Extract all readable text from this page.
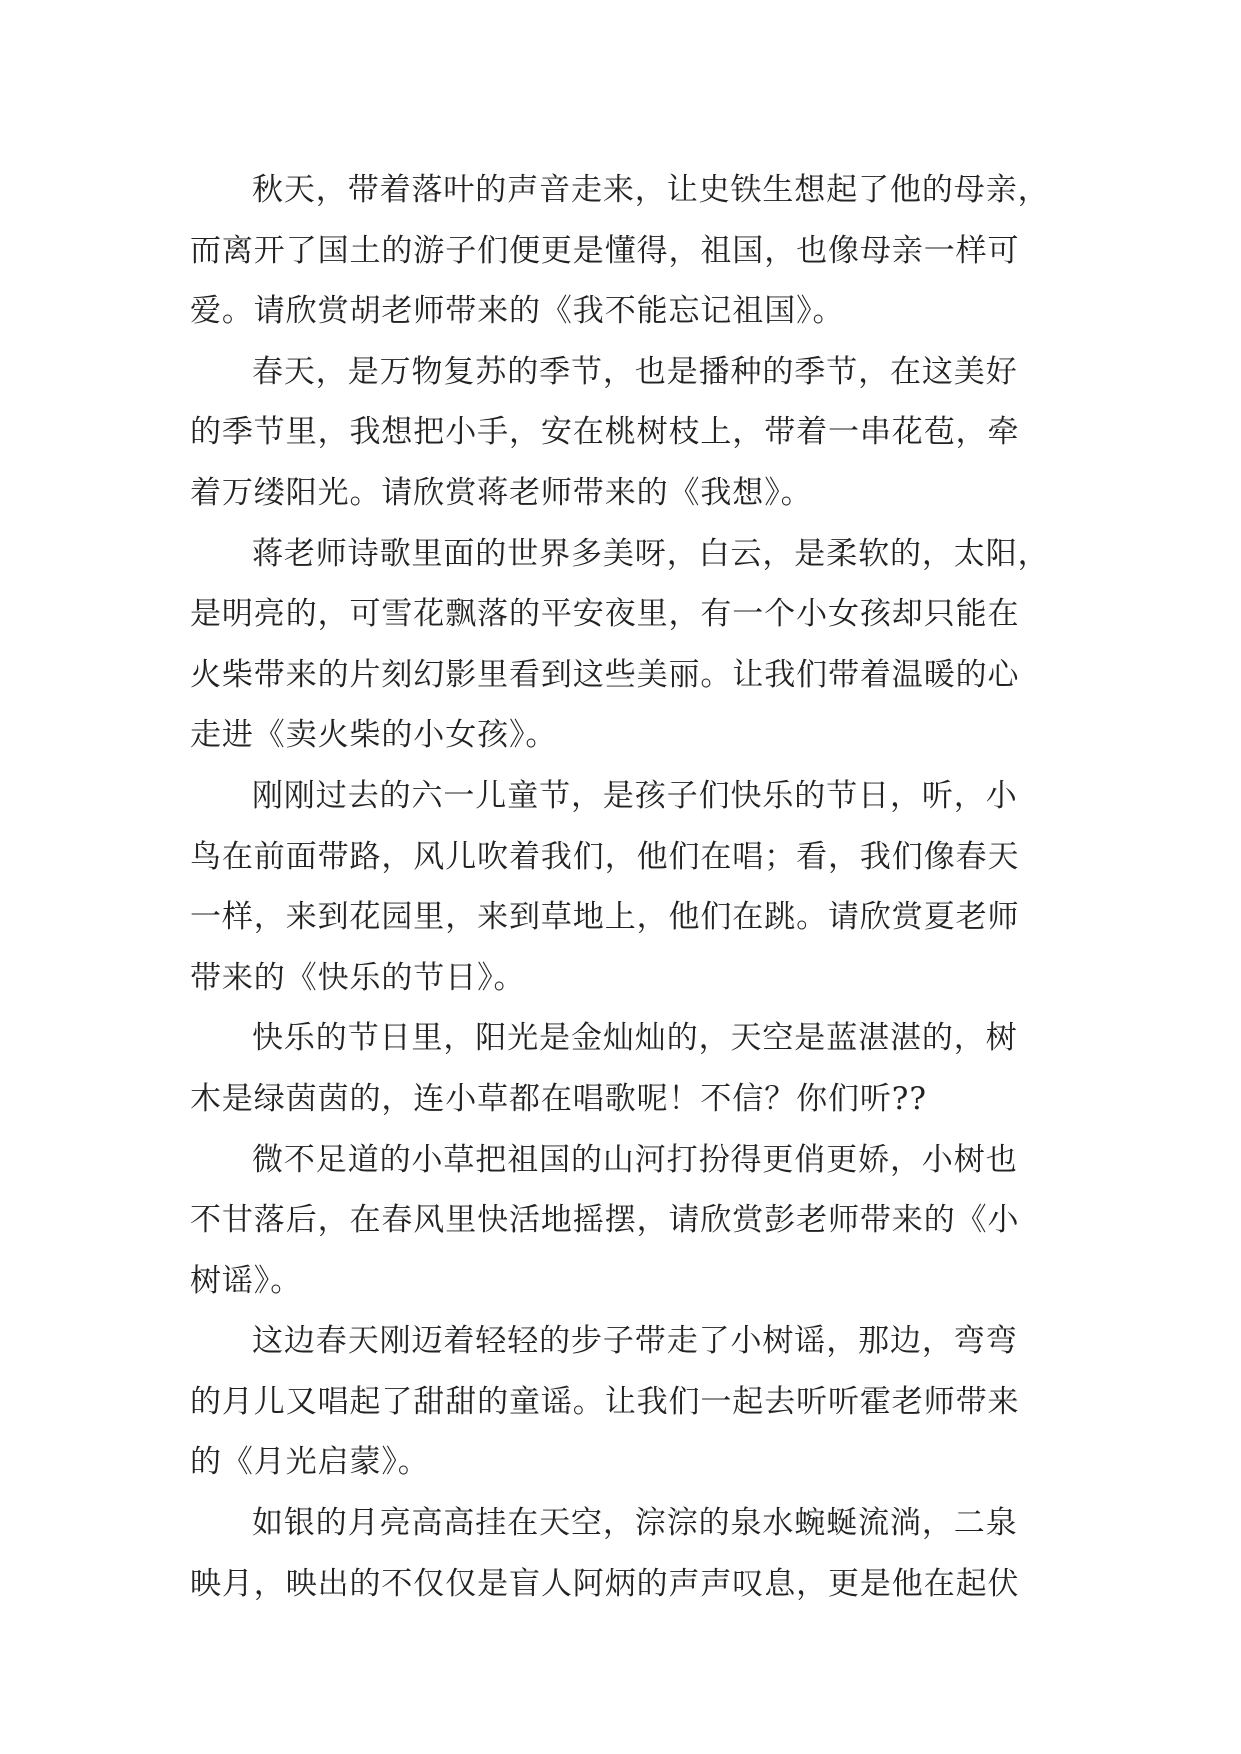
秋天，带着落叶的声音走来，让史铁生想起了他的母亲，
而离开了国土的游子们便更是懂得，祖国，也像母亲一样可
爱。请欣赏胡老师带来的《我不能忘记祖国》。

春天，是万物复苏的季节，也是播种的季节，在这美好
的季节里，我想把小手，安在桃树枝上，带着一串花苞，牵
着万缕阳光。请欣赏蒋老师带来的《我想》。

蒋老师诗歌里面的世界多美呀，白云，是柔软的，太阳，
是明亮的，可雪花飘落的平安夜里，有一个小女孩却只能在
火柴带来的片刻幻影里看到这些美丽。让我们带着温暖的心
走进《卖火柴的小女孩》。

刚刚过去的六一儿童节，是孩子们快乐的节日，听，小
鸟在前面带路，风儿吹着我们，他们在唱；看，我们像春天
一样，来到花园里，来到草地上，他们在跳。请欣赏夏老师
带来的《快乐的节日》。

快乐的节日里，阳光是金灿灿的，天空是蓝湛湛的，树
木是绿茵茵的，连小草都在唱歌呢！不信？你们听??

微不足道的小草把祖国的山河打扮得更俏更娇，小树也
不甘落后，在春风里快活地摇摆，请欣赏彭老师带来的《小
树谣》。

这边春天刚迈着轻轻的步子带走了小树谣，那边，弯弯
的月儿又唱起了甜甜的童谣。让我们一起去听听霍老师带来
的《月光启蒙》。

如银的月亮高高挂在天空，淙淙的泉水蜿蜒流淌，二泉
映月，映出的不仅仅是盲人阿炳的声声叹息，更是他在起伏
